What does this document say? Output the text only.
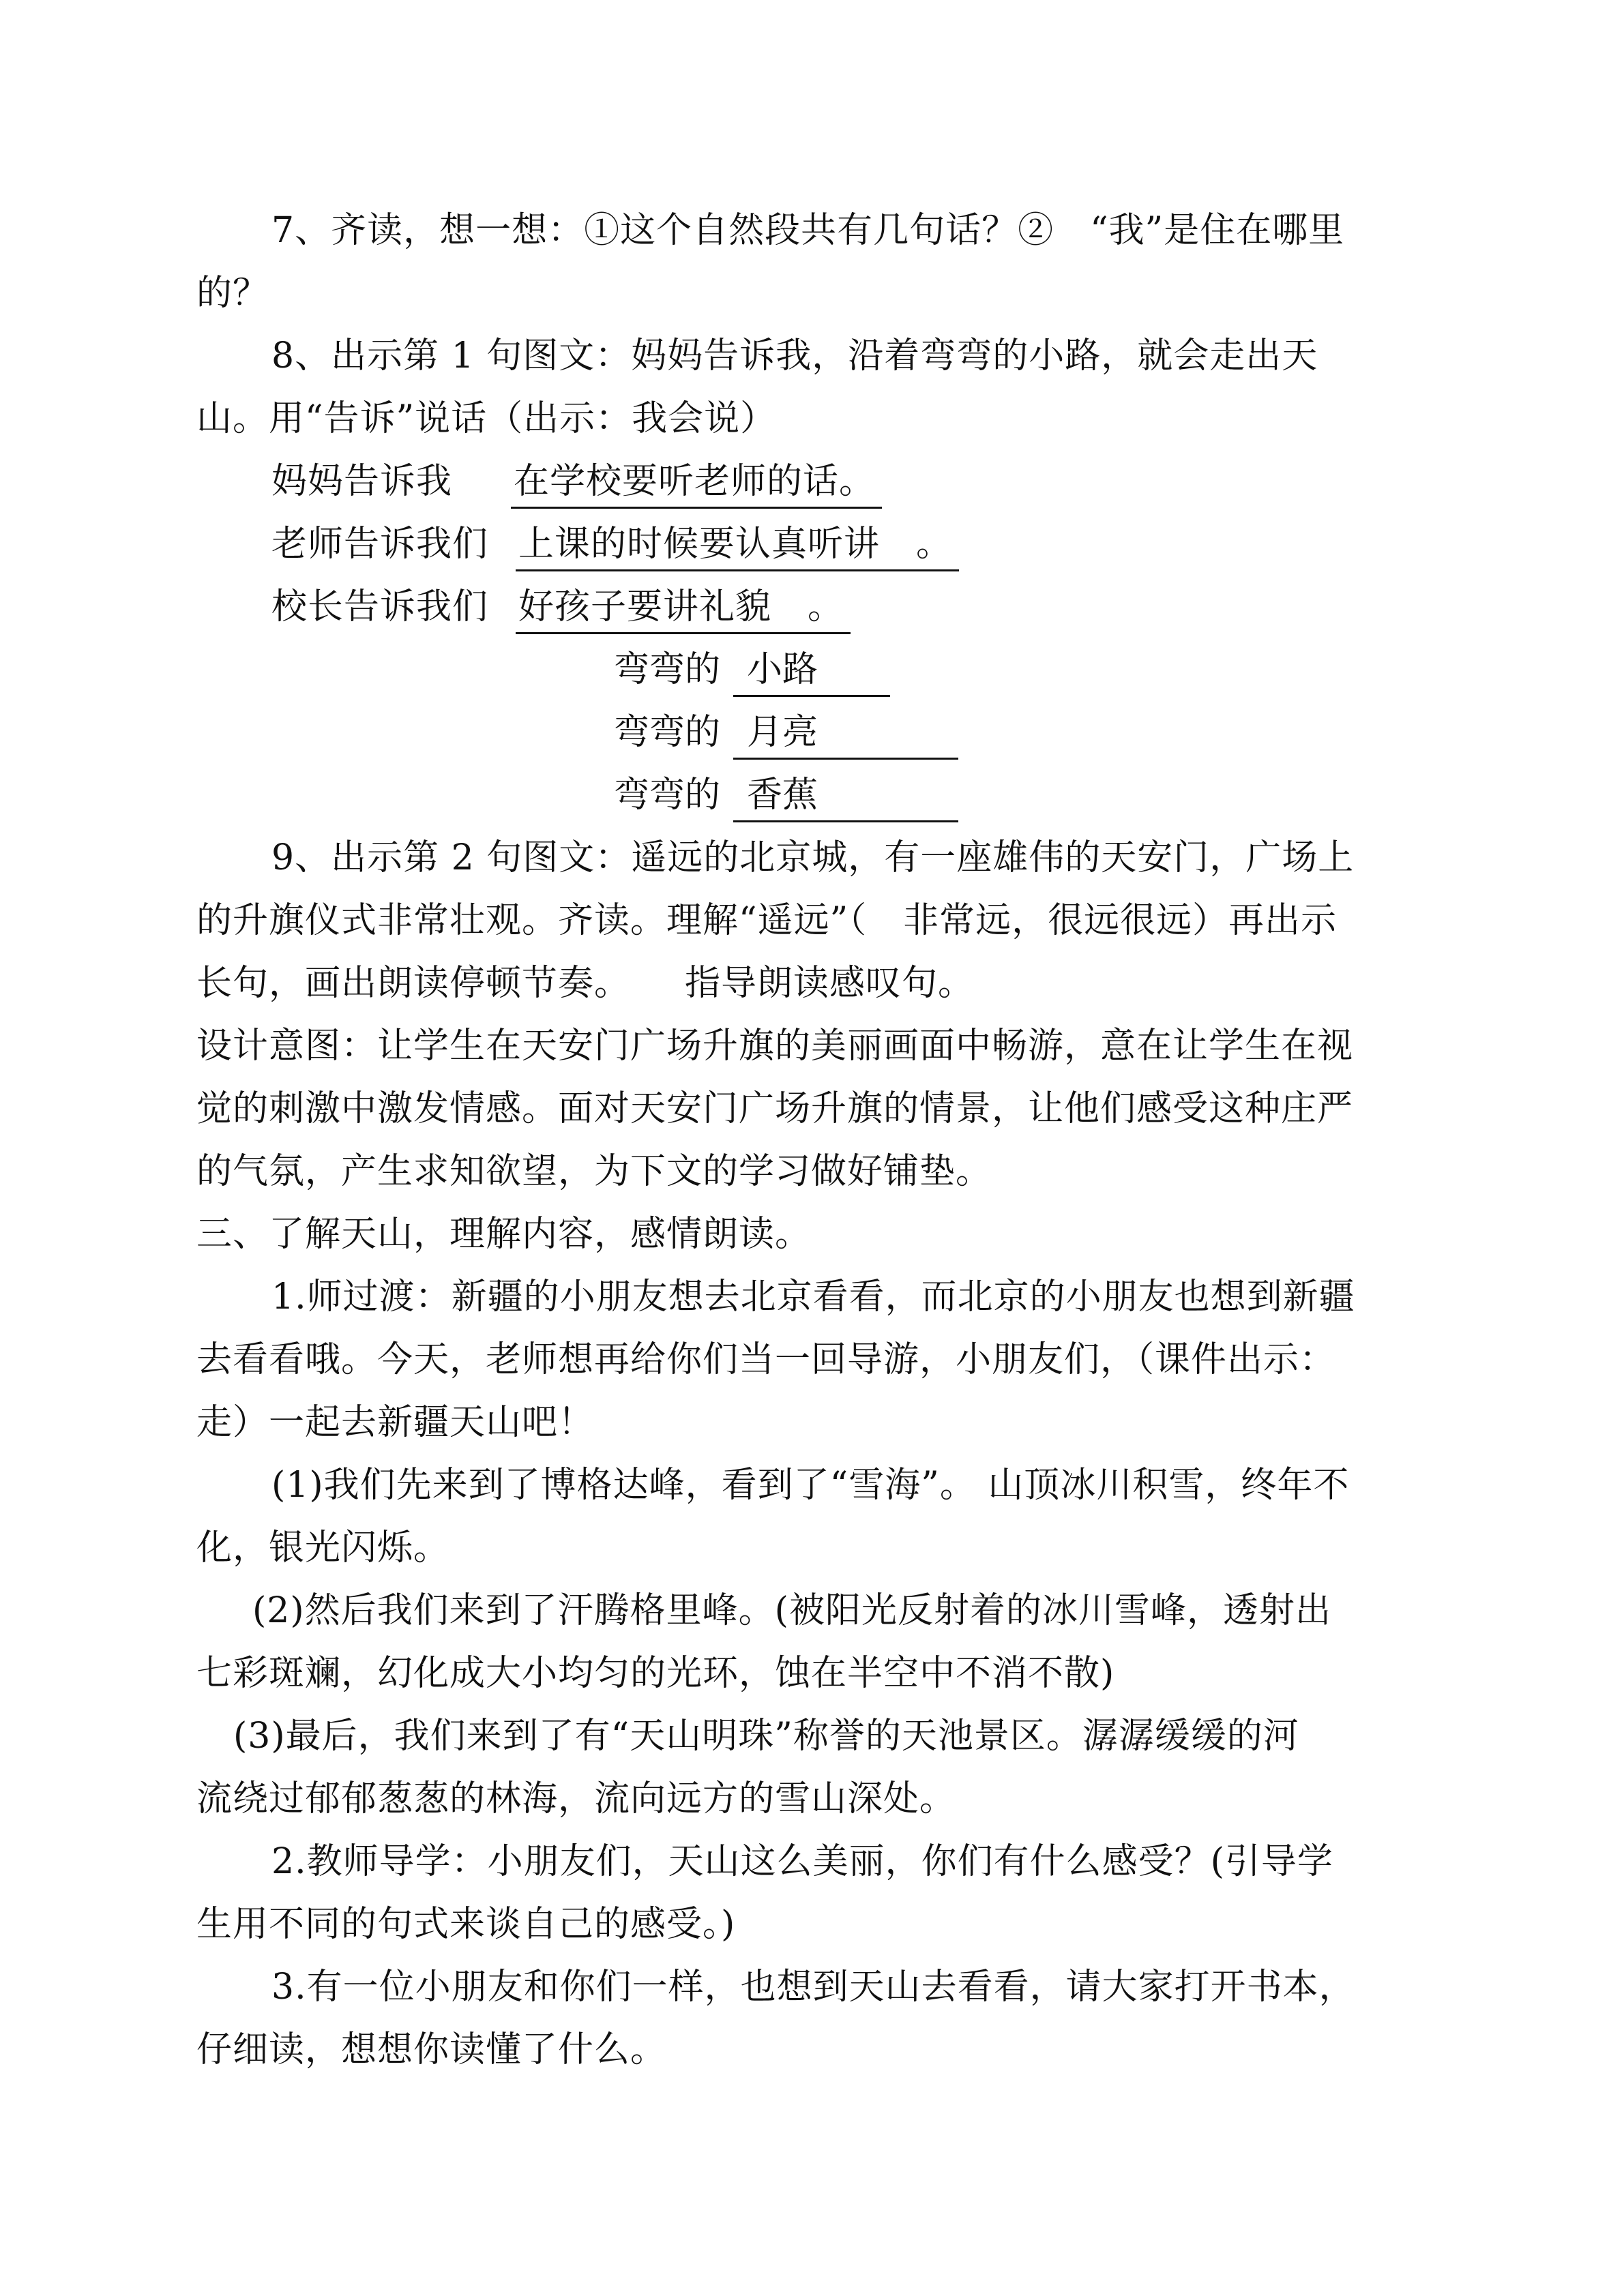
7、齐读，想一想：①这个自然段共有几句话？②　“我”是住在哪里
的？
8、出示第 1 句图文：妈妈告诉我，沿着弯弯的小路，就会走出天
山。用“告诉”说话（出示：我会说）
妈妈告诉我 在学校要听老师的话。
老师告诉我们 上课的时候要认真听讲　。
校长告诉我们 好孩子要讲礼貌　。
弯弯的 小路
弯弯的 月亮
弯弯的 香蕉
9、出示第 2 句图文：遥远的北京城，有一座雄伟的天安门，广场上
的升旗仪式非常壮观。齐读。理解“遥远”（　非常远，很远很远）再出示
长句，画出朗读停顿节奏。　　指导朗读感叹句。
设计意图：让学生在天安门广场升旗的美丽画面中畅游，意在让学生在视
觉的刺激中激发情感。面对天安门广场升旗的情景，让他们感受这种庄严
的气氛，产生求知欲望，为下文的学习做好铺垫。
三、了解天山，理解内容，感情朗读。
1.师过渡：新疆的小朋友想去北京看看，而北京的小朋友也想到新疆
去看看哦。今天，老师想再给你们当一回导游，小朋友们，（课件出示：
走）一起去新疆天山吧！
(1)我们先来到了博格达峰，看到了“雪海”。 山顶冰川积雪，终年不
化，银光闪烁。
(2)然后我们来到了汗腾格里峰。(被阳光反射着的冰川雪峰，透射出
七彩斑斓，幻化成大小均匀的光环，蚀在半空中不消不散)
(3)最后，我们来到了有“天山明珠”称誉的天池景区。潺潺缓缓的河
流绕过郁郁葱葱的林海，流向远方的雪山深处。
2.教师导学：小朋友们，天山这么美丽，你们有什么感受？(引导学
生用不同的句式来谈自己的感受。)
3.有一位小朋友和你们一样，也想到天山去看看，请大家打开书本，
仔细读，想想你读懂了什么。
